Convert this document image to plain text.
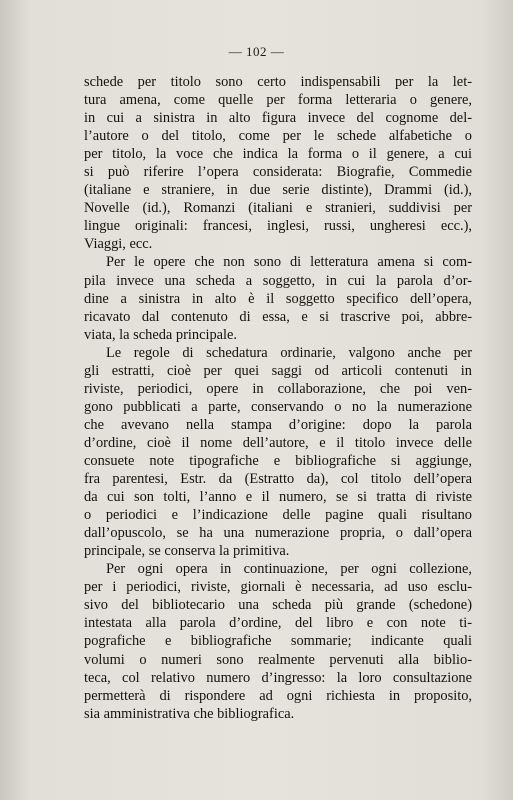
— 102 —
schede per titolo sono certo indispensabili per la let-
tura amena, come quelle per forma letteraria o genere,
in cui a sinistra in alto figura invece del cognome del-
l’autore o del titolo, come per le schede alfabetiche o
per titolo, la voce che indica la forma o il genere, a cui
si può riferire l’opera considerata: Biografie, Commedie
(italiane e straniere, in due serie distinte), Drammi (id.),
Novelle (id.), Romanzi (italiani e stranieri, suddivisi per
lingue originali: francesi, inglesi, russi, ungheresi ecc.),
Viaggi, ecc.
Per le opere che non sono di letteratura amena si com-
pila invece una scheda a soggetto, in cui la parola d’or-
dine a sinistra in alto è il soggetto specifico dell’opera,
ricavato dal contenuto di essa, e si trascrive poi, abbre-
viata, la scheda principale.
Le regole di schedatura ordinarie, valgono anche per
gli estratti, cioè per quei saggi od articoli contenuti in
riviste, periodici, opere in collaborazione, che poi ven-
gono pubblicati a parte, conservando o no la numerazione
che avevano nella stampa d’origine: dopo la parola
d’ordine, cioè il nome dell’autore, e il titolo invece delle
consuete note tipografiche e bibliografiche si aggiunge,
fra parentesi, Estr. da (Estratto da), col titolo dell’opera
da cui son tolti, l’anno e il numero, se si tratta di riviste
o periodici e l’indicazione delle pagine quali risultano
dall’opuscolo, se ha una numerazione propria, o dall’opera
principale, se conserva la primitiva.
Per ogni opera in continuazione, per ogni collezione,
per i periodici, riviste, giornali è necessaria, ad uso esclu-
sivo del bibliotecario una scheda più grande (schedone)
intestata alla parola d’ordine, del libro e con note ti-
pografiche e bibliografiche sommarie; indicante quali
volumi o numeri sono realmente pervenuti alla biblio-
teca, col relativo numero d’ingresso: la loro consultazione
permetterà di rispondere ad ogni richiesta in proposito,
sia amministrativa che bibliografica.
